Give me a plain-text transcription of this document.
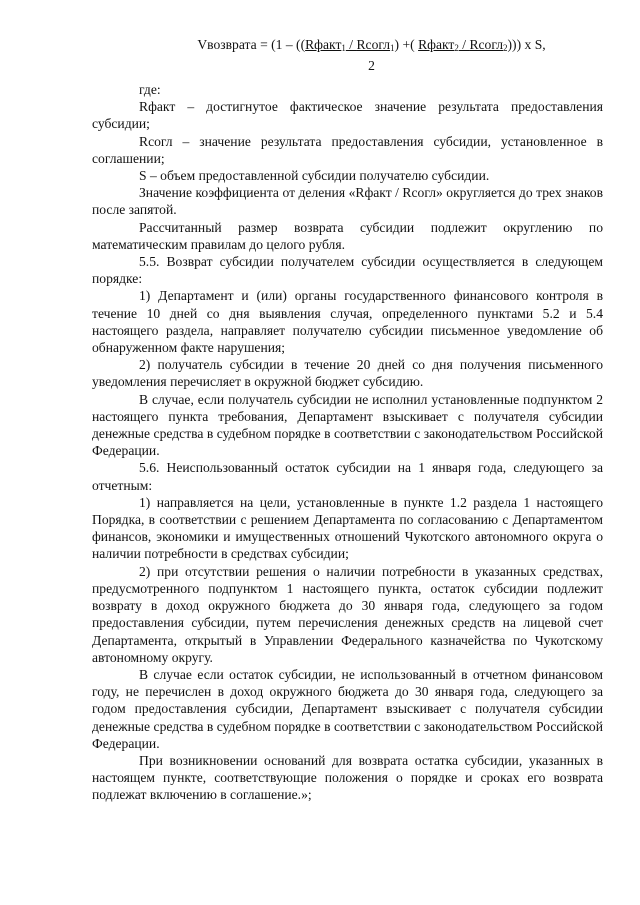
Vвозврата = (1 – ((Rфакт$_1$ / Rсогл$_1$) +( Rфакт$_2$ / Rсогл$_2$))) x S,
2

где:

Rфакт – достигнутое фактическое значение результата предоставления субсидии;

Rсогл – значение результата предоставления субсидии, установленное в соглашении;

S – объем предоставленной субсидии получателю субсидии.

Значение коэффициента от деления «Rфакт / Rсогл» округляется до трех знаков после запятой.

Рассчитанный размер возврата субсидии подлежит округлению по математическим правилам до целого рубля.

5.5. Возврат субсидии получателем субсидии осуществляется в следующем порядке:

1) Департамент и (или) органы государственного финансового контроля в течение 10 дней со дня выявления случая, определенного пунктами 5.2 и 5.4 настоящего раздела, направляет получателю субсидии письменное уведомление об обнаруженном факте нарушения;

2) получатель субсидии в течение 20 дней со дня получения письменного уведомления перечисляет в окружной бюджет субсидию.

В случае, если получатель субсидии не исполнил установленные подпунктом 2 настоящего пункта требования, Департамент взыскивает с получателя субсидии денежные средства в судебном порядке в соответствии с законодательством Российской Федерации.

5.6. Неиспользованный остаток субсидии на 1 января года, следующего за отчетным:

1) направляется на цели, установленные в пункте 1.2 раздела 1 настоящего Порядка, в соответствии с решением Департамента по согласованию с Департаментом финансов, экономики и имущественных отношений Чукотского автономного округа о наличии потребности в средствах субсидии;

2) при отсутствии решения о наличии потребности в указанных средствах, предусмотренного подпунктом 1 настоящего пункта, остаток субсидии подлежит возврату в доход окружного бюджета до 30 января года, следующего за годом предоставления субсидии, путем перечисления денежных средств на лицевой счет Департамента, открытый в Управлении Федерального казначейства по Чукотскому автономному округу.

В случае если остаток субсидии, не использованный в отчетном финансовом году, не перечислен в доход окружного бюджета до 30 января года, следующего за годом предоставления субсидии, Департамент взыскивает с получателя субсидии денежные средства в судебном порядке в соответствии с законодательством Российской Федерации.

При возникновении оснований для возврата остатка субсидии, указанных в настоящем пункте, соответствующие положения о порядке и сроках его возврата подлежат включению в соглашение.»;
